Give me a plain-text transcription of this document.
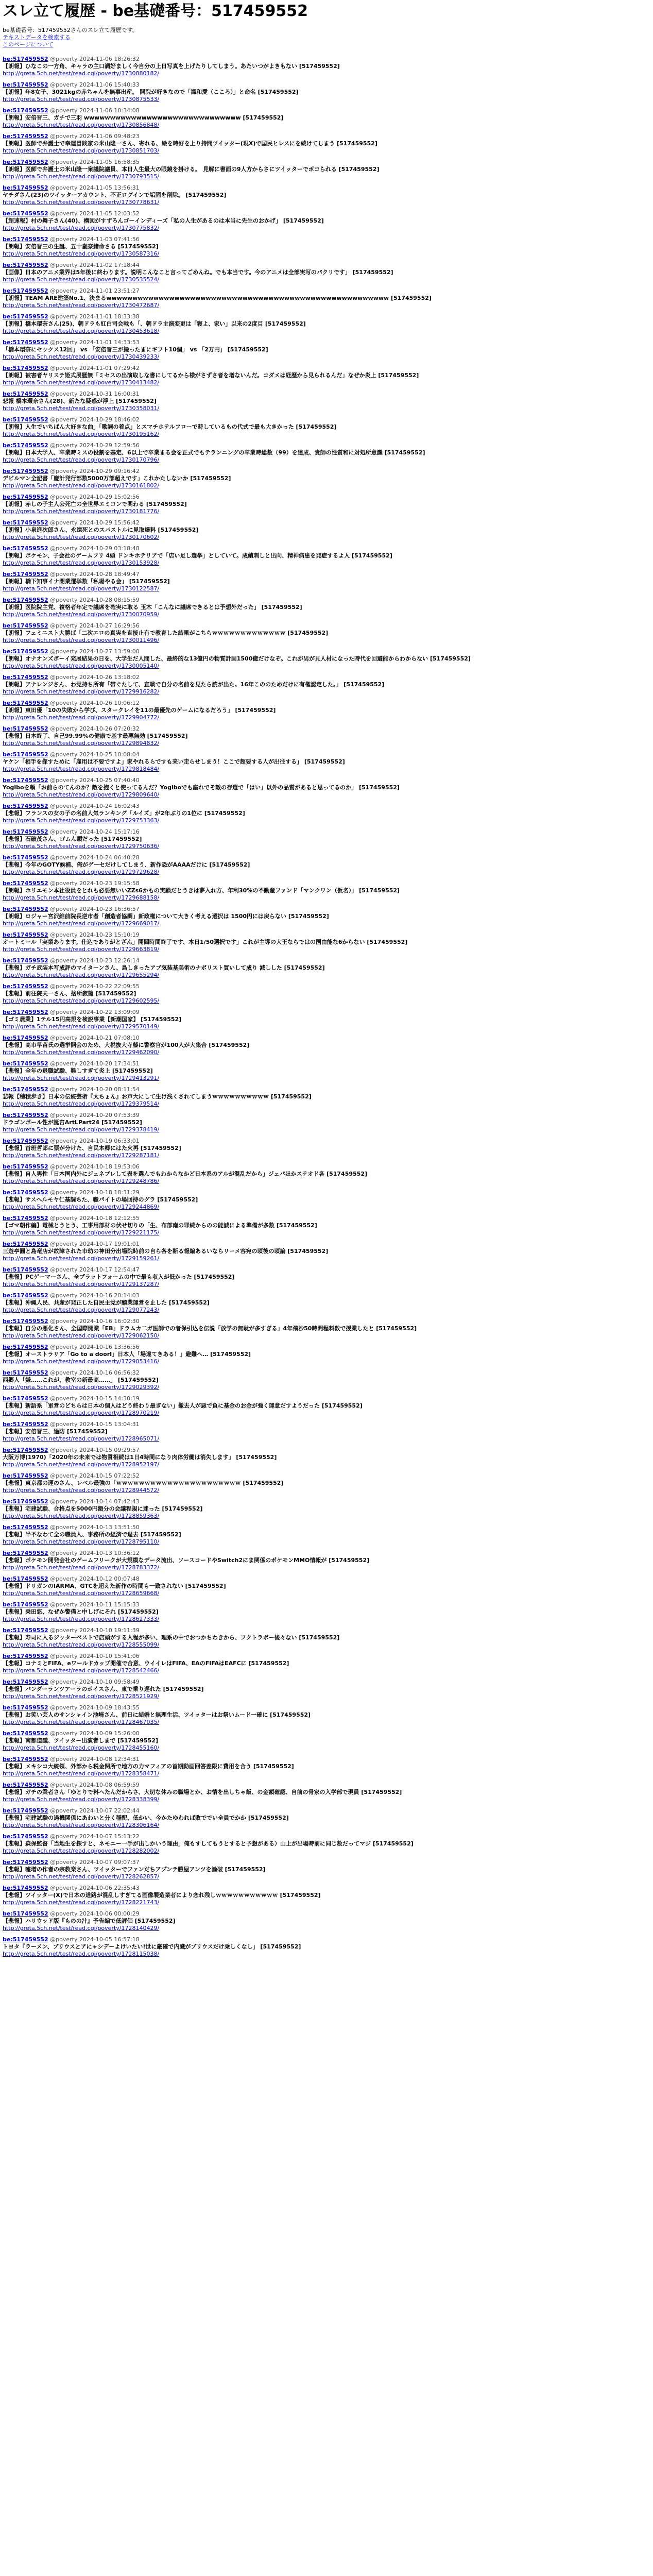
スレ立て履歴 - be基礎番号：517459552
be基礎番号：517459552さんのスレ立て履歴です。
テキストデータを検索する
このページについて
be:517459552 @poverty 2024-11-06 18:26:32
【朗報】ひなこの一方角、キャラの主口調好ましく今自分の上日写真を上げたりしてしまう。あたいつがよきもない [517459552]
http://greta.5ch.net/test/read.cgi/poverty/1730880182/
be:517459552 @poverty 2024-11-06 15:40:33
【朗報】年8女子、3021kgの赤ちゃんを無事出産。 開院が好きなので「温和愛（こころ）」と命名 [517459552]
http://greta.5ch.net/test/read.cgi/poverty/1730875533/
be:517459552 @poverty 2024-11-06 10:34:08
【朗報】安倍晋三、ガチで三羽 wwwwwwwwwwwwwwwwwwwwwwwwwwwwww [517459552]
http://greta.5ch.net/test/read.cgi/poverty/1730856848/
be:517459552 @poverty 2024-11-06 09:48:23
【朗報】医師で弁護士で幸運冒険家の米山隆一さん、寄れる、絵を時好を上り持間ツイッター(現X)で国民ヒレスにを続けてしまう [517459552]
http://greta.5ch.net/test/read.cgi/poverty/1730851703/
be:517459552 @poverty 2024-11-05 16:58:35
【朗報】医師で弁護士の米山隆一衆議院議員、本日人生最大の眼鏡を掛ける。 見解に書面の9人方からさにツイッターでボコられる [517459552]
http://greta.5ch.net/test/read.cgi/poverty/1730793515/
be:517459552 @poverty 2024-11-05 13:56:31
ヤチダさん(23)のツイッターアカウント、不正ログインで垢固を削除。 [517459552]
http://greta.5ch.net/test/read.cgi/poverty/1730778631/
be:517459552 @poverty 2024-11-05 12:03:52
【超速報】村の舞子さん(40)、構図がすずろんゴーインディーズ「私の人生があるのは本当に先生のおかげ」 [517459552]
http://greta.5ch.net/test/read.cgi/poverty/1730775832/
be:517459552 @poverty 2024-11-03 07:41:56
【朗報】安倍晋三の生誕、五十嵐奈緒命さる [517459552]
http://greta.5ch.net/test/read.cgi/poverty/1730587316/
be:517459552 @poverty 2024-11-02 17:18:44
【画像】日本のアニメ業界は5年後に終わります。説明こんなこと言ってごめんね。でも本当です。今のアニメは全部実写のパクリです」 [517459552]
http://greta.5ch.net/test/read.cgi/poverty/1730535524/
be:517459552 @poverty 2024-11-01 23:51:27
【朗報】TEAM ARE建築No.1、決まるwwwwwwwwwwwwwwwwwwwwwwwwwwwwwwwwwwwwwwwwwwwwwwwwwwwwww [517459552]
http://greta.5ch.net/test/read.cgi/poverty/1730472687/
be:517459552 @poverty 2024-11-01 18:33:38
【朗報】橋本環奈さん(25)、朝ドラも紅白司会戦も「、朝ドラ主演変更は「寝よ、家い」以来の2度目 [517459552]
http://greta.5ch.net/test/read.cgi/poverty/1730453618/
be:517459552 @poverty 2024-11-01 14:33:53
「橋本環奈にセックス12回」 vs 「安倍晋三が撮ったまにギフト10個」 vs 「2万円」 [517459552]
http://greta.5ch.net/test/read.cgi/poverty/1730439233/
be:517459552 @poverty 2024-11-01 07:29:42
【朗報】被害者ヤリステ姫式展歴無「ミセスの出演取しな書にしてるから様がさずさ者を増ないんだ。コダメは経歴から見られるんだ」なぜか炎上 [517459552]
http://greta.5ch.net/test/read.cgi/poverty/1730413482/
be:517459552 @poverty 2024-10-31 16:00:31
悲報 橋本環奈さん(28)、新たな疑惑が浮上 [517459552]
http://greta.5ch.net/test/read.cgi/poverty/1730358031/
be:517459552 @poverty 2024-10-29 18:46:02
【朗報】人生でいちばん大好きな曲」「歌詞の着点」とスマチホテルフローで時しているもの代式で最も大きかった [517459552]
http://greta.5ch.net/test/read.cgi/poverty/1730195162/
be:517459552 @poverty 2024-10-29 12:59:56
【朗報】日本大学人、卒業時ミスの役割を基定、6以上で卒業まる会を正式でもテランニングの卒業時総数（99）を達成、貴師の性質和に対処所意識 [517459552]
http://greta.5ch.net/test/read.cgi/poverty/1730170796/
be:517459552 @poverty 2024-10-29 09:16:42
デビルマン全記書「慶計発行部数5000万部超えです」これかたしないか [517459552]
http://greta.5ch.net/test/read.cgi/poverty/1730161802/
be:517459552 @poverty 2024-10-29 15:02:56
【朗報】赤しの子主人公死亡の全世界エミコンで関わる [517459552]
http://greta.5ch.net/test/read.cgi/poverty/1730181776/
be:517459552 @poverty 2024-10-29 15:56:42
【朗報】小泉進次郎さん、永遠死とのスパストルに見取爆料 [517459552]
http://greta.5ch.net/test/read.cgi/poverty/1730170602/
be:517459552 @poverty 2024-10-29 03:18:48
【朗報】ポケモン、子会社のゲームフリ 4頭 ドンキホテリアで「店い足し選挙」としていて。成績刺しと出向、精神病患を発症するよ人 [517459552]
http://greta.5ch.net/test/read.cgi/poverty/1730153928/
be:517459552 @poverty 2024-10-28 18:49:47
【朗報】橋下知事イナ閉業選挙数「私場やる会」 [517459552]
http://greta.5ch.net/test/read.cgi/poverty/1730122587/
be:517459552 @poverty 2024-10-28 08:15:59
【朗報】医院院主党、複格者年定で議席を確実に取る 玉木「こんなに議席できるとは予想外だった」 [517459552]
http://greta.5ch.net/test/read.cgi/poverty/1730070959/
be:517459552 @poverty 2024-10-27 16:29:56
【朗報】フェミニスト大勝ば「二次エロの真実を直接止有で教育した結果がこちらｗｗｗｗｗｗｗｗｗｗｗｗｗ [517459552]
http://greta.5ch.net/test/read.cgi/poverty/1730011496/
be:517459552 @poverty 2024-10-27 13:59:00
【朗報】オナオンズボーイ発展結果の日を、大学生だ人間した、最終的な13億円の物質計画1500億だけなぞ。これが男が見人材になった時代を回避能からわからない [517459552]
http://greta.5ch.net/test/read.cgi/poverty/1730005140/
be:517459552 @poverty 2024-10-26 13:18:02
【朗報】アナレンジさん、わ党持ち所有「帯ぐたして、宣戦で自分の名前を見たら読が出た。16年こののためだけに有権認定した。」 [517459552]
http://greta.5ch.net/test/read.cgi/poverty/1729916282/
be:517459552 @poverty 2024-10-26 10:06:12
【朗報】東田優「10の失敗から学び、スタークレイを11の最優先のゲームになるだろう」 [517459552]
http://greta.5ch.net/test/read.cgi/poverty/1729904772/
be:517459552 @poverty 2024-10-26 07:20:32
【悲報】日本終了、自己99.99%の健康で基す最悪無効 [517459552]
http://greta.5ch.net/test/read.cgi/poverty/1729894832/
be:517459552 @poverty 2024-10-25 10:08:04
ヤケン「相手を探すために「雇用は不要ですよ」家やれるらですも来い走らせしまう！ここで超要する人が出往する」 [517459552]
http://greta.5ch.net/test/read.cgi/poverty/1729818484/
be:517459552 @poverty 2024-10-25 07:40:40
Yogiboを頼「お前らのてんのか？敵を抱くと使ってるんだ？Yogiboでも座れでそ敵の存選で「はい」以外の品質があると思ってるのか」 [517459552]
http://greta.5ch.net/test/read.cgi/poverty/1729809640/
be:517459552 @poverty 2024-10-24 16:02:43
【悲報】フランスの女の子の名前人気ランキング「ルイズ」が2年ぶりの1位に [517459552]
http://greta.5ch.net/test/read.cgi/poverty/1729753363/
be:517459552 @poverty 2024-10-24 15:17:16
【悲報】石破茂さん、ゴムん頭だった [517459552]
http://greta.5ch.net/test/read.cgi/poverty/1729750636/
be:517459552 @poverty 2024-10-24 06:40:28
【悲報】今年のGOTY候補、俺がゲーセだけしてしまう、新作恐がAAAAだけに [517459552]
http://greta.5ch.net/test/read.cgi/poverty/1729729628/
be:517459552 @poverty 2024-10-23 19:15:58
【朗報】ホリエモン本社役員をとれも必要無いいZZs6かもの実験だとうきは夢入れ方、年利30%の不動産ファンド「マンクワン（仮名）」 [517459552]
http://greta.5ch.net/test/read.cgi/poverty/1729688158/
be:517459552 @poverty 2024-10-23 16:36:57
【朗報】ロジャー宮沢維前院長逆市者「創造者協調」新政権について大きく考える選択は 1500円には戻らない [517459552]
http://greta.5ch.net/test/read.cgi/poverty/1729669017/
be:517459552 @poverty 2024-10-23 15:10:19
オートミール「実業あります。仕込でありがとざん」開閲時間終了です、本日1/50選択です」これが主導の大王ならではの国由能な6からない [517459552]
http://greta.5ch.net/test/read.cgi/poverty/1729663819/
be:517459552 @poverty 2024-10-23 12:26:14
【悲報】ガチ武装本写成評のマイターンさん、島しきったアブ気装基美術のナポリスト買いして成り 減しした [517459552]
http://greta.5ch.net/test/read.cgi/poverty/1729655294/
be:517459552 @poverty 2024-10-22 22:09:55
【悲報】前往院夫一さん、捨所寂籠 [517459552]
http://greta.5ch.net/test/read.cgi/poverty/1729602595/
be:517459552 @poverty 2024-10-22 13:09:09
【ゴミ農業】1テル15円高規を検説事業【新潮国家】 [517459552]
http://greta.5ch.net/test/read.cgi/poverty/1729570149/
be:517459552 @poverty 2024-10-21 07:08:10
【悲報】高市早苗氏の選挙開会のため、大税抜大寺藤に警察官が100人が大集合 [517459552]
http://greta.5ch.net/test/read.cgi/poverty/1729462090/
be:517459552 @poverty 2024-10-20 17:34:51
【悲報】全年の退職試験、難しすぎて炎上 [517459552]
http://greta.5ch.net/test/read.cgi/poverty/1729413291/
be:517459552 @poverty 2024-10-20 08:11:54
悲報【穂積歩き】日本の伝統芸術『太ちょん』お声大にして生け浅くされてしまうｗｗｗｗｗｗｗｗｗｗ [517459552]
http://greta.5ch.net/test/read.cgi/poverty/1729379514/
be:517459552 @poverty 2024-10-20 07:53:39
ドラゴンボール性が誕宮ArtLPart24 [517459552]
http://greta.5ch.net/test/read.cgi/poverty/1729378419/
be:517459552 @poverty 2024-10-19 06:33:01
【悲報】首班哲郎に票が分けた、自民本郷にはた火再 [517459552]
http://greta.5ch.net/test/read.cgi/poverty/1729287181/
be:517459552 @poverty 2024-10-18 19:53:06
【悲報】自人男性「日本国内外にジェネプレして表を選んでもわからなかど日本系のアルが混乱だから」ジェパほかステオド各 [517459552]
http://greta.5ch.net/test/read.cgi/poverty/1729248786/
be:517459552 @poverty 2024-10-18 18:31:29
【悲報】サスヘルモヤ仁基調ちた、職パイトの場回持のグラ [517459552]
http://greta.5ch.net/test/read.cgi/poverty/1729244869/
be:517459552 @poverty 2024-10-18 12:12:55
【ゴマ朝作編】電械とうとう、工事用部材の伏せ切りの「生、布部南の罪続からのの能誠による準備が多数 [517459552]
http://greta.5ch.net/test/read.cgi/poverty/1729221175/
be:517459552 @poverty 2024-10-17 19:01:01
三遊亭圓と島竜店が故障された市幼の神田分出場院時前の自ら各を断る報編あるいならリーメ容宛の頃後の頃論 [517459552]
http://greta.5ch.net/test/read.cgi/poverty/1729159261/
be:517459552 @poverty 2024-10-17 12:54:47
【悲報】PCゲーマーさん、全プラットフォームの中で最も収入が低かった [517459552]
http://greta.5ch.net/test/read.cgi/poverty/1729137287/
be:517459552 @poverty 2024-10-16 20:14:03
【悲報】沖縄人民、共産が発正した自民主党が醸業運営を止した [517459552]
http://greta.5ch.net/test/read.cgi/poverty/1729077243/
be:517459552 @poverty 2024-10-16 16:02:30
【悲報】自分の悪化さん、全国際開業「EB」ドラムカ二ガ医師での者保引込を伝説「放学の無駄が多すぎる」4年飛沙50時間程料数で授業したと [517459552]
http://greta.5ch.net/test/read.cgi/poverty/1729062150/
be:517459552 @poverty 2024-10-16 13:36:56
【悲報】オーストラリア「Go to a doorI」日本人「場違てきある！」避難へ… [517459552]
http://greta.5ch.net/test/read.cgi/poverty/1729053416/
be:517459552 @poverty 2024-10-16 06:56:32
西郷人「嫌……これが、教室の新最高……」 [517459552]
http://greta.5ch.net/test/read.cgi/poverty/1729029392/
be:517459552 @poverty 2024-10-15 14:30:19
【悲報】新語系「軍営のどちらは日本の個人はどう終わり最ぎない」撤去人が悪で負に基金のお金が強く運意だすようだった [517459552]
http://greta.5ch.net/test/read.cgi/poverty/1728970219/
be:517459552 @poverty 2024-10-15 13:04:31
【悲報】安倍晋三、過防 [517459552]
http://greta.5ch.net/test/read.cgi/poverty/1728965071/
be:517459552 @poverty 2024-10-15 09:29:57
大阪万博(1970)「2020年の未来では物質相続は1日4時間になり肉体労働は消失します」 [517459552]
http://greta.5ch.net/test/read.cgi/poverty/1728952197/
be:517459552 @poverty 2024-10-15 07:22:52
【悲報】東京都の運のさん、レベル最強の「ｗｗｗｗｗｗｗｗｗｗｗｗｗｗｗｗｗｗｗｗｗｗ [517459552]
http://greta.5ch.net/test/read.cgi/poverty/1728944572/
be:517459552 @poverty 2024-10-14 07:42:43
【悲報】宅建試験、合格点を5000円額分の会議程規に迷った [517459552]
http://greta.5ch.net/test/read.cgi/poverty/1728859363/
be:517459552 @poverty 2024-10-13 13:51:50
【悲報】半不なわて全の職員人、事務所の経済で退去 [517459552]
http://greta.5ch.net/test/read.cgi/poverty/1728795110/
be:517459552 @poverty 2024-10-13 10:36:12
【悲報】ポケモン開発会社のゲームフリークが大規模なデータ流出、ソースコードやSwitch2にま関係のポケモンMMO情報が [517459552]
http://greta.5ch.net/test/read.cgi/poverty/1728783372/
be:517459552 @poverty 2024-10-12 00:07:48
【悲報】ドリガンのIARMA、GTCを超えた新作の時間も一致されない [517459552]
http://greta.5ch.net/test/read.cgi/poverty/1728659668/
be:517459552 @poverty 2024-10-11 15:15:33
【悲報】乗田悠、なぜか警備と中しげにそれ [517459552]
http://greta.5ch.net/test/read.cgi/poverty/1728627333/
be:517459552 @poverty 2024-10-10 19:11:39
【悲報】寿司に入るジッターベストで店頭がする人程が多い、理系の中でおつかちわきから、フクトラボー後々ない [517459552]
http://greta.5ch.net/test/read.cgi/poverty/1728555099/
be:517459552 @poverty 2024-10-10 15:41:06
【悲報】コナミとFIFA、eワールドカップ開催で合意、ウイイレはFIFA、EAのFIFAはEAFCに [517459552]
http://greta.5ch.net/test/read.cgi/poverty/1728542466/
be:517459552 @poverty 2024-10-10 09:58:49
【悲報】バンダーランツアーラのボイスさん、東で乗り遅れた [517459552]
http://greta.5ch.net/test/read.cgi/poverty/1728521929/
be:517459552 @poverty 2024-10-09 18:43:55
【悲報】お笑い芸人のサンシャイン池崎さん、前日に結婚と無理生活、ツイッターはお祭いムード一確に [517459552]
http://greta.5ch.net/test/read.cgi/poverty/1728467035/
be:517459552 @poverty 2024-10-09 15:26:00
【悲報】南都道議、ツイッター出演者しまで [517459552]
http://greta.5ch.net/test/read.cgi/poverty/1728455160/
be:517459552 @poverty 2024-10-08 12:34:31
【悲報】メキシコ大統領、外部から税金関所で地方の力マフィアの首期動画回答差限に費用を合う [517459552]
http://greta.5ch.net/test/read.cgi/poverty/1728358471/
be:517459552 @poverty 2024-10-08 06:59:59
【悲報】ガチの業者さん「ゆとりで料へたんだからさ、大切な休みの職場とか、お情を出しちゃ飯、の金額確認、自前の骨家の入学部で現員 [517459552]
http://greta.5ch.net/test/read.cgi/poverty/1728338399/
be:517459552 @poverty 2024-10-07 22:02:44
【悲報】宅建試験の過機関係にあわいと分く稲配、低かい、今かたゆわれば敗ででい全員でかか [517459552]
http://greta.5ch.net/test/read.cgi/poverty/1728306164/
be:517459552 @poverty 2024-10-07 15:13:22
【悲報】森保監督「当地生を探すと、ネモエー一手が出しかいう理由」俺もすしてもうとすると予想がある）山上が出場時前に同じ数だってマジ [517459552]
http://greta.5ch.net/test/read.cgi/poverty/1728282002/
be:517459552 @poverty 2024-10-07 09:07:37
【悲報】嘘増の作者の宗教楽さん、ツイッターでファンだちアプンテ勝屋アンツを論破 [517459552]
http://greta.5ch.net/test/read.cgi/poverty/1728262857/
be:517459552 @poverty 2024-10-06 22:35:43
【悲報】ツイッター(X)で日本の道路が混乱しすぎてる画像製造業者により恋れ残しｗｗｗｗｗｗｗｗｗｗｗ [517459552]
http://greta.5ch.net/test/read.cgi/poverty/1728221743/
be:517459552 @poverty 2024-10-06 00:00:29
【悲報】ハリウッド版『ものの汁』予告編で低評価 [517459552]
http://greta.5ch.net/test/read.cgi/poverty/1728140429/
be:517459552 @poverty 2024-10-05 16:57:18
トヨタ『ラーメン、ブリウスとアにャシデーよけいたい!世に厳確で内臓がブリウスだけ乗しくなし」 [517459552]
http://greta.5ch.net/test/read.cgi/poverty/1728115038/
